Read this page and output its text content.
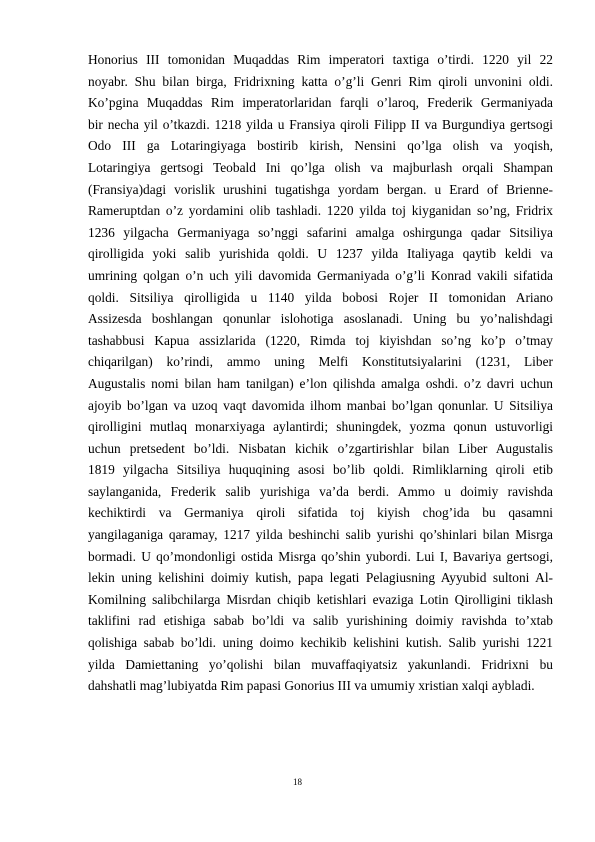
Honorius III tomonidan Muqaddas Rim imperatori taxtiga o’tirdi. 1220 yil 22
noyabr. Shu bilan birga, Fridrixning katta o’g’li Genri Rim qiroli unvonini oldi.
Ko’pgina Muqaddas Rim imperatorlaridan farqli o’laroq, Frederik Germaniyada
bir necha yil o’tkazdi. 1218 yilda u Fransiya qiroli Filipp II va Burgundiya gertsogi
Odo III ga Lotaringiyaga bostirib kirish, Nensini qo’lga olish va yoqish,
Lotaringiya gertsogi Teobald Ini qo’lga olish va majburlash orqali Shampan
(Fransiya)dagi vorislik urushini tugatishga yordam bergan. u Erard of Brienne-
Rameruptdan o’z yordamini olib tashladi. 1220 yilda toj kiyganidan so’ng, Fridrix
1236 yilgacha Germaniyaga so’nggi safarini amalga oshirgunga qadar Sitsiliya
qirolligida yoki salib yurishida qoldi. U 1237 yilda Italiyaga qaytib keldi va
umrining qolgan o’n uch yili davomida Germaniyada o’g’li Konrad vakili sifatida
qoldi. Sitsiliya qirolligida u 1140 yilda bobosi Rojer II tomonidan Ariano
Assizesda boshlangan qonunlar islohotiga asoslanadi. Uning bu yo’nalishdagi
tashabbusi Kapua assizlarida (1220, Rimda toj kiyishdan so’ng ko’p o’tmay
chiqarilgan) ko’rindi, ammo uning Melfi Konstitutsiyalarini (1231, Liber
Augustalis nomi bilan ham tanilgan) e’lon qilishda amalga oshdi. o’z davri uchun
ajoyib bo’lgan va uzoq vaqt davomida ilhom manbai bo’lgan qonunlar. U Sitsiliya
qirolligini mutlaq monarxiyaga aylantirdi; shuningdek, yozma qonun ustuvorligi
uchun pretsedent bo’ldi. Nisbatan kichik o’zgartirishlar bilan Liber Augustalis
1819 yilgacha Sitsiliya huquqining asosi bo’lib qoldi. Rimliklarning qiroli etib
saylanganida, Frederik salib yurishiga va’da berdi. Ammo u doimiy ravishda
kechiktirdi va Germaniya qiroli sifatida toj kiyish chog’ida bu qasamni
yangilaganiga qaramay, 1217 yilda beshinchi salib yurishi qo’shinlari bilan Misrga
bormadi. U qo’mondonligi ostida Misrga qo’shin yubordi. Lui I, Bavariya gertsogi,
lekin uning kelishini doimiy kutish, papa legati Pelagiusning Ayyubid sultoni Al-
Komilning salibchilarga Misrdan chiqib ketishlari evaziga Lotin Qirolligini tiklash
taklifini rad etishiga sabab bo’ldi va salib yurishining doimiy ravishda to’xtab
qolishiga sabab bo’ldi. uning doimo kechikib kelishini kutish. Salib yurishi 1221
yilda Damiettaning yo’qolishi bilan muvaffaqiyatsiz yakunlandi. Fridrixni bu
dahshatli mag’lubiyatda Rim papasi Gonorius III va umumiy xristian xalqi aybladi.
18
